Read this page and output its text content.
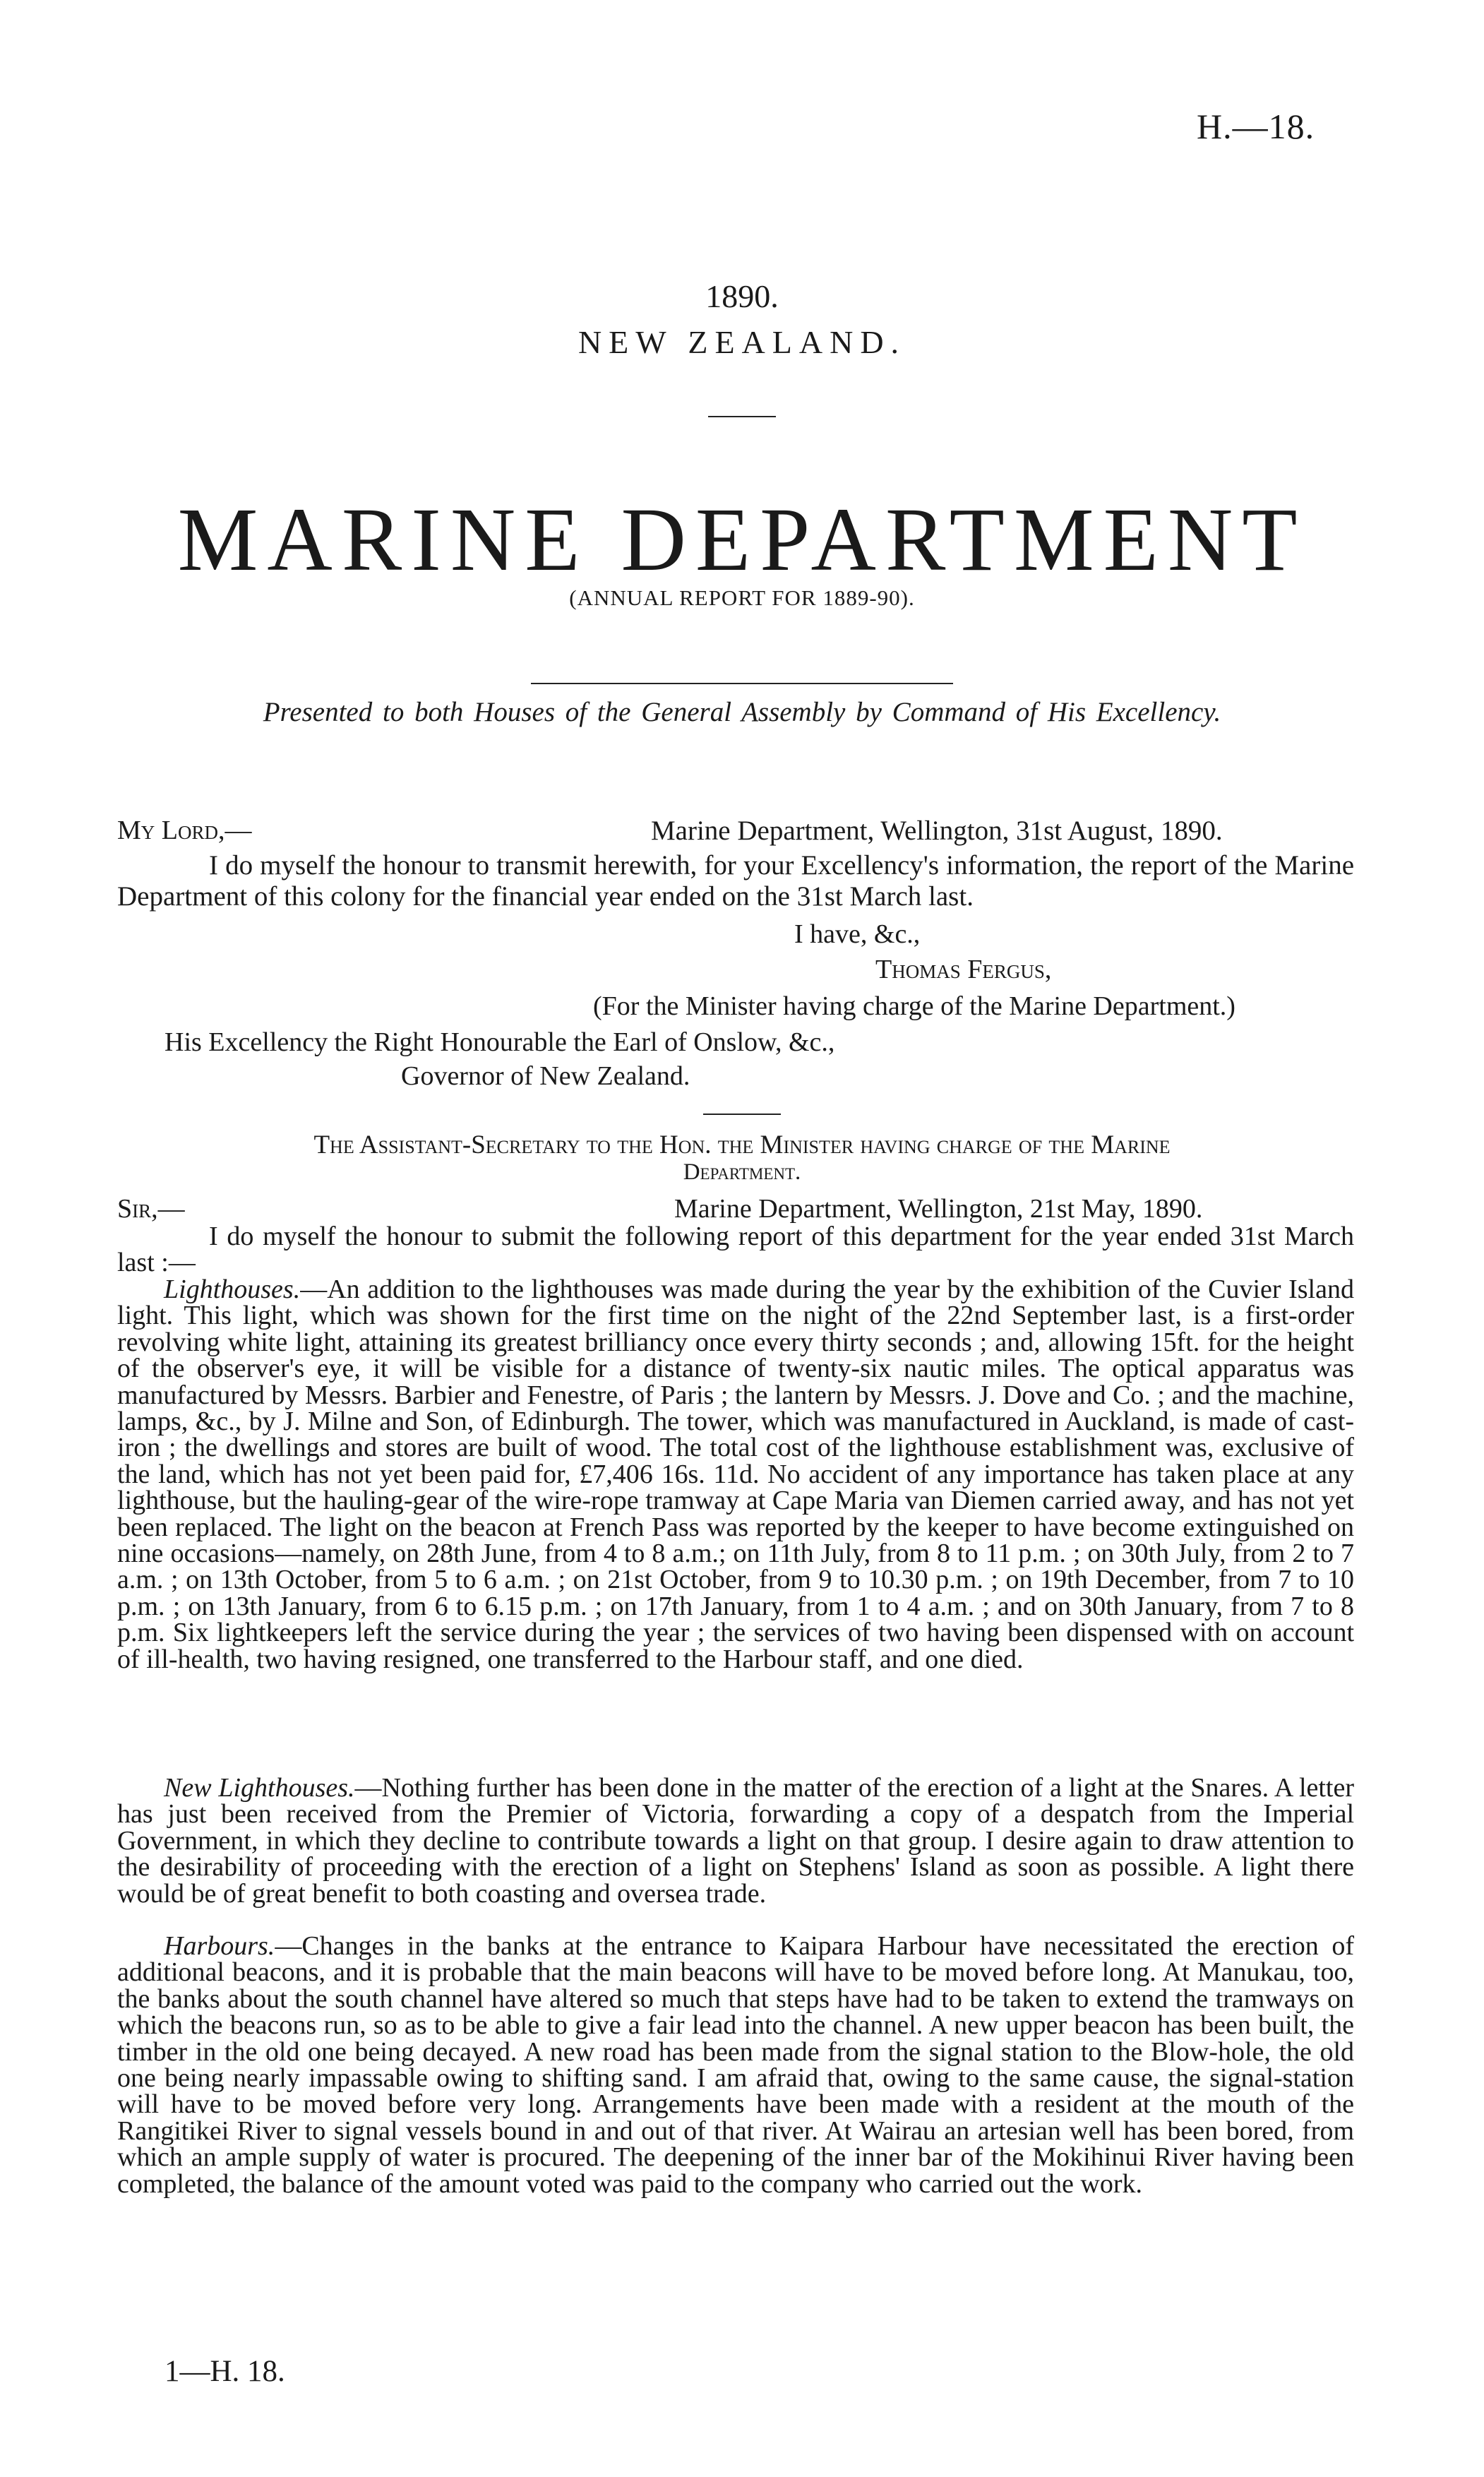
H.—18.
1890.
NEW ZEALAND.
MARINE DEPARTMENT
(ANNUAL REPORT FOR 1889-90).
Presented to both Houses of the General Assembly by Command of His Excellency.
My Lord,—	Marine Department, Wellington, 31st August, 1890.
I do myself the honour to transmit herewith, for your Excellency's information, the report of the Marine Department of this colony for the financial year ended on the 31st March last.
I have, &c.,
Thomas Fergus,
(For the Minister having charge of the Marine Department.)
His Excellency the Right Honourable the Earl of Onslow, &c.,
Governor of New Zealand.
The Assistant-Secretary to the Hon. the Minister having charge of the Marine
Department.
Sir,—	Marine Department, Wellington, 21st May, 1890.
I do myself the honour to submit the following report of this department for the year ended 31st March last :—
Lighthouses.—An addition to the lighthouses was made during the year by the exhibition of the Cuvier Island light. This light, which was shown for the first time on the night of the 22nd September last, is a first-order revolving white light, attaining its greatest brilliancy once every thirty seconds ; and, allowing 15ft. for the height of the observer's eye, it will be visible for a distance of twenty-six nautic miles. The optical apparatus was manufactured by Messrs. Barbier and Fenestre, of Paris ; the lantern by Messrs. J. Dove and Co. ; and the machine, lamps, &c., by J. Milne and Son, of Edinburgh. The tower, which was manufactured in Auckland, is made of cast-iron ; the dwellings and stores are built of wood. The total cost of the lighthouse establishment was, exclusive of the land, which has not yet been paid for, £7,406 16s. 11d. No accident of any importance has taken place at any lighthouse, but the hauling-gear of the wire-rope tramway at Cape Maria van Diemen carried away, and has not yet been replaced. The light on the beacon at French Pass was reported by the keeper to have become extinguished on nine occasions—namely, on 28th June, from 4 to 8 a.m.; on 11th July, from 8 to 11 p.m. ; on 30th July, from 2 to 7 a.m. ; on 13th October, from 5 to 6 a.m. ; on 21st October, from 9 to 10.30 p.m. ; on 19th December, from 7 to 10 p.m. ; on 13th January, from 6 to 6.15 p.m. ; on 17th January, from 1 to 4 a.m. ; and on 30th January, from 7 to 8 p.m. Six lightkeepers left the service during the year ; the services of two having been dispensed with on account of ill-health, two having resigned, one transferred to the Harbour staff, and one died.
New Lighthouses.—Nothing further has been done in the matter of the erection of a light at the Snares. A letter has just been received from the Premier of Victoria, forwarding a copy of a despatch from the Imperial Government, in which they decline to contribute towards a light on that group. I desire again to draw attention to the desirability of proceeding with the erection of a light on Stephens' Island as soon as possible. A light there would be of great benefit to both coasting and oversea trade.
Harbours.—Changes in the banks at the entrance to Kaipara Harbour have necessitated the erection of additional beacons, and it is probable that the main beacons will have to be moved before long. At Manukau, too, the banks about the south channel have altered so much that steps have had to be taken to extend the tramways on which the beacons run, so as to be able to give a fair lead into the channel. A new upper beacon has been built, the timber in the old one being decayed. A new road has been made from the signal station to the Blow-hole, the old one being nearly impassable owing to shifting sand. I am afraid that, owing to the same cause, the signal-station will have to be moved before very long. Arrangements have been made with a resident at the mouth of the Rangitikei River to signal vessels bound in and out of that river. At Wairau an artesian well has been bored, from which an ample supply of water is procured. The deepening of the inner bar of the Mokihinui River having been completed, the balance of the amount voted was paid to the company who carried out the work.
1—H. 18.
